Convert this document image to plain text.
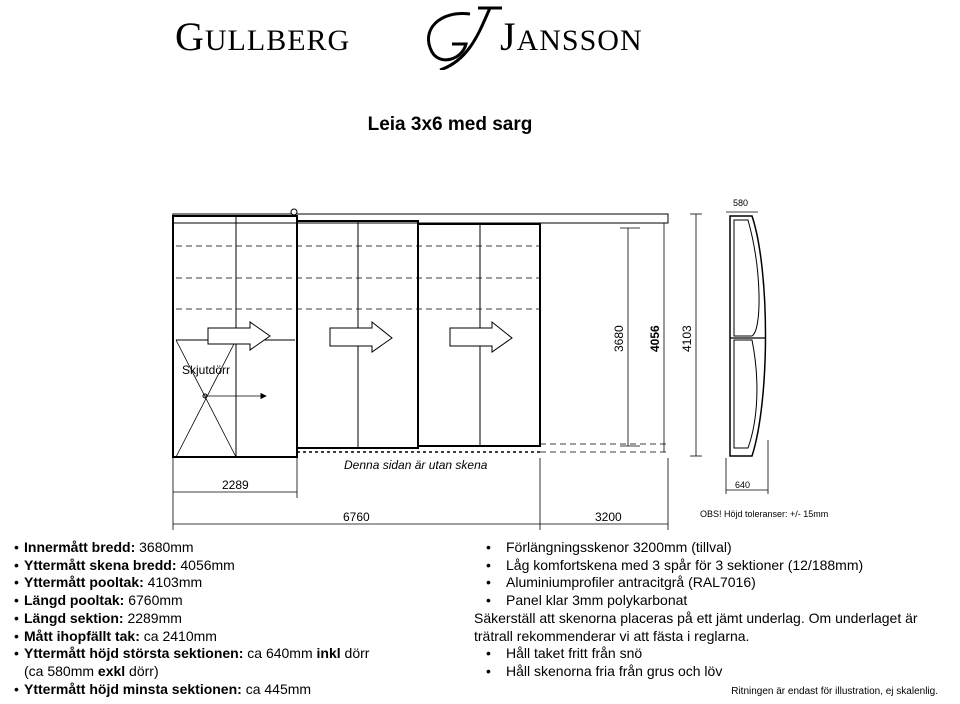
GULLBERG	JANSSON
Leia 3x6 med sarg
Skjutdörr
Denna sidan är utan skena
3680 4056 4103
2289
6760	3200
580
640
OBS! Höjd toleranser: +/- 15mm
• Innermått bredd: 3680mm
• Yttermått skena bredd: 4056mm
• Yttermått pooltak: 4103mm
• Längd pooltak: 6760mm
• Längd sektion: 2289mm
• Mått ihopfällt tak: ca 2410mm
• Yttermått höjd största sektionen: ca 640mm inkl dörr
(ca 580mm exkl dörr)
• Yttermått höjd minsta sektionen: ca 445mm
• Förlängningsskenor 3200mm (tillval)
• Låg komfortskena med 3 spår för 3 sektioner (12/188mm)
• Aluminiumprofiler antracitgrå (RAL7016)
• Panel klar 3mm polykarbonat
Säkerställ att skenorna placeras på ett jämt underlag. Om underlaget är trätrall rekommenderar vi att fästa i reglarna.
• Håll taket fritt från snö
• Håll skenorna fria från grus och löv
Ritningen är endast för illustration, ej skalenlig.
